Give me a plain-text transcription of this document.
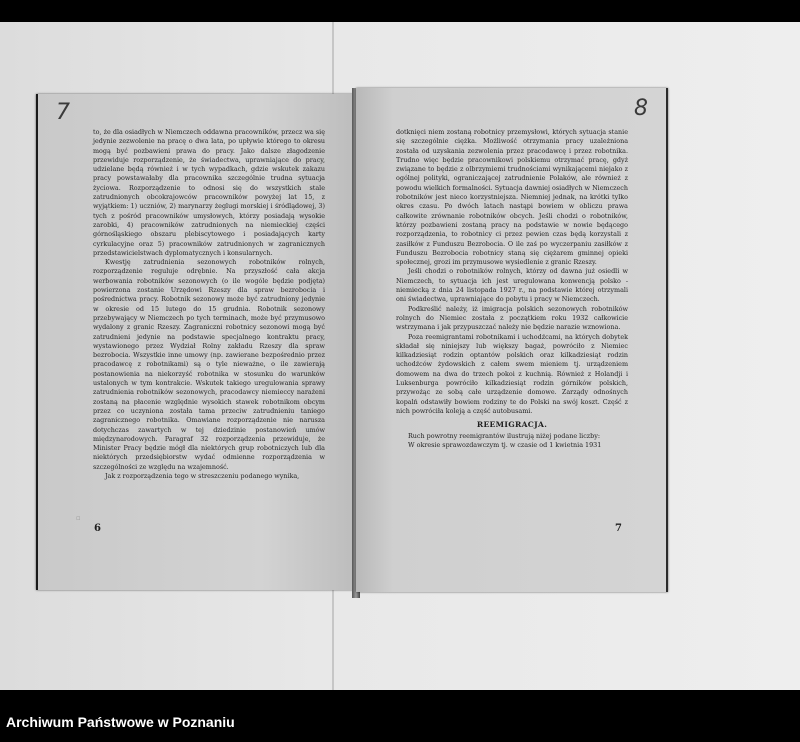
7
▫

to, że dla osiadłych w Niemczech oddawna pracowników, przecz wa się jedynie zezwolenie na pracę o dwa lata, po upływie którego to okresu mogą być pozbawieni prawa do pracy. Jako dalsze złagodzenie przewiduje rozporządzenie, że świadectwa, uprawniające do pracy, udzielane będą również i w tych wypadkach, gdzie wskutek zakazu pracy powstawałaby dla pracownika szczególnie trudna sytuacja życiowa. Rozporządzenie to odnosi się do wszystkich stale zatrudnionych obcokrajowców pracowników powyżej lat 15, z wyjątkiem: 1) uczniów, 2) marynarzy żeglugi morskiej i śródlądowej, 3) tych z pośród pracowników umysłowych, którzy posiadają wysokie zarobki, 4) pracowników zatrudnionych na niemieckiej części górnośląskiego obszaru plebiscytowego i posiadających karty cyrkulacyjne oraz 5) pracowników zatrudnionych w zagranicznych przedstawicielstwach dyplomatycznych i konsularnych.

Kwestję zatrudnienia sezonowych robotników rolnych, rozporządzenie reguluje odrębnie. Na przyszłość cała akcja werbowania robotników sezonowych (o ile wogóle będzie podjęta) powierzona zostanie Urzędowi Rzeszy dla spraw bezrobocia i pośrednictwa pracy. Robotnik sezonowy może być zatrudniony jedynie w okresie od 15 lutego do 15 grudnia. Robotnik sezonowy przebywający w Niemczech po tych terminach, może być przymusowo wydalony z granic Rzeszy. Zagraniczni robotnicy sezonowi mogą być zatrudnieni jedynie na podstawie specjalnego kontraktu pracy, wystawionego przez Wydział Rolny zakładu Rzeszy dla spraw bezrobocia. Wszystkie inne umowy (np. zawierane bezpośrednio przez pracodawcę z robotnikami) są o tyle nieważne, o ile zawierają postanowienia na niekorzyść robotnika w stosunku do warunków ustalonych w tym kontrakcie. Wskutek takiego uregulowania sprawy zatrudnienia robotników sezonowych, pracodawcy niemieccy narażeni zostaną na płacenie względnie wysokich stawek robotnikom obcym przez co uczyniona została tama przeciw zatrudnieniu taniego zagranicznego robotnika. Omawiane rozporządzenie nie narusza dotychczas zawartych w tej dziedzinie postanowień umów międzynarodowych. Paragraf 32 rozporządzenia przewiduje, że Minister Pracy będzie mógł dla niektórych grup robotniczych lub dla niektórych przedsiębiorstw wydać odmienne rozporządzenia w szczególności ze względu na wzajemność.

Jak z rozporządzenia tego w streszczeniu podanego wynika,

6
8

dotknięci niem zostaną robotnicy przemysłowi, których sytuacja stanie się szczególnie ciężka. Możliwość otrzymania pracy uzależniona została od uzyskania zezwolenia przez pracodawcę i przez robotnika. Trudno więc będzie pracownikowi polskiemu otrzymać pracę, gdyż związane to będzie z olbrzymiemi trudnościami wynikającemi niejako z ogólnej polityki, ograniczającej zatrudnienie Polaków, ale również z powodu wielkich formalności. Sytuacja dawniej osiadłych w Niemczech robotników jest nieco korzystniejsza. Niemniej jednak, na krótki tylko okres czasu. Po dwóch latach nastąpi bowiem w obliczu prawa całkowite zrównanie robotników obcych. Jeśli chodzi o robotników, którzy pozbawieni zostaną pracy na podstawie w nowie będącego rozporządzenia, to robotnicy ci przez pewien czas będą korzystali z zasiłków z Funduszu Bezrobocia. O ile zaś po wyczerpaniu zasiłków z Funduszu Bezrobocia robotnicy staną się ciężarem gminnej opieki społecznej, grozi im przymusowe wysiedlenie z granic Rzeszy.

Jeśli chodzi o robotników rolnych, którzy od dawna już osiedli w Niemczech, to sytuacja ich jest uregulowana konwencją polsko - niemiecką z dnia 24 listopada 1927 r., na podstawie której otrzymali oni świadectwa, uprawniające do pobytu i pracy w Niemczech.

Podkreślić należy, iż imigracja polskich sezonowych robotników rolnych do Niemiec została z początkiem roku 1932 całkowicie wstrzymana i jak przypuszczać należy nie będzie narazie wznowiona.

Poza reemigrantami robotnikami i uchodźcami, na których dobytek składał się niniejszy lub większy bagaż, powróciło z Niemiec kilkadziesiąt rodzin optantów polskich oraz kilkadziesiąt rodzin uchodźców żydowskich z całem swem mieniem tj. urządzeniem domowem na dwa do trzech pokoi z kuchnią. Również z Holandji i Luksenburga powróciło kilkadziesiąt rodzin górników polskich, przywożąc ze sobą całe urządzenie domowe. Zarządy odnośnych kopalń odstawiły bowiem rodziny te do Polski na swój koszt. Część z nich powróciła koleją a część autobusami.

REEMIGRACJA.

Ruch powrotny reemigrantów ilustrują niżej podane liczby:

W okresie sprawozdawczym tj. w czasie od 1 kwietnia 1931

7
Archiwum Państwowe w Poznaniu
